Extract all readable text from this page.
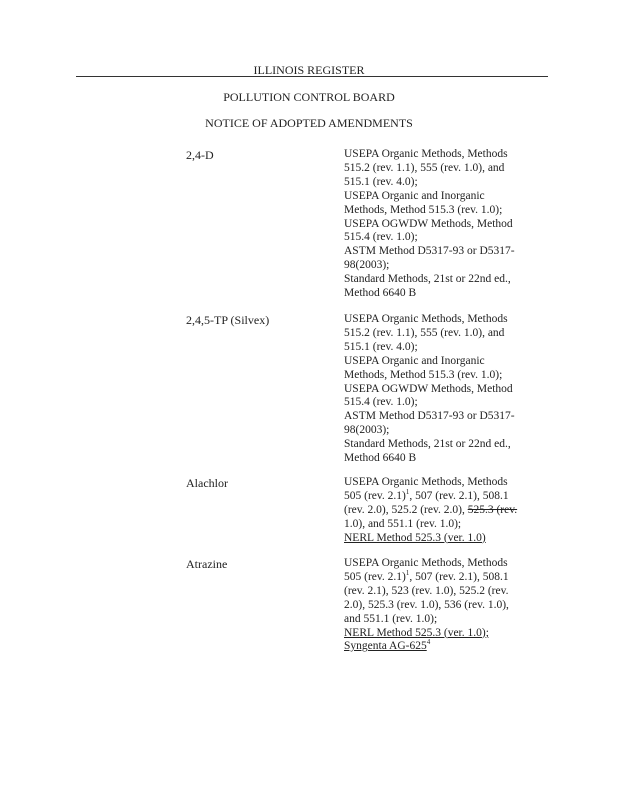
ILLINOIS REGISTER
POLLUTION CONTROL BOARD
NOTICE OF ADOPTED AMENDMENTS
2,4-D	USEPA Organic Methods, Methods
515.2 (rev. 1.1), 555 (rev. 1.0), and
515.1 (rev. 4.0);
USEPA Organic and Inorganic
Methods, Method 515.3 (rev. 1.0);
USEPA OGWDW Methods, Method
515.4 (rev. 1.0);
ASTM Method D5317-93 or D5317-
98(2003);
Standard Methods, 21st or 22nd ed.,
Method 6640 B
2,4,5-TP (Silvex)	USEPA Organic Methods, Methods
515.2 (rev. 1.1), 555 (rev. 1.0), and
515.1 (rev. 4.0);
USEPA Organic and Inorganic
Methods, Method 515.3 (rev. 1.0);
USEPA OGWDW Methods, Method
515.4 (rev. 1.0);
ASTM Method D5317-93 or D5317-
98(2003);
Standard Methods, 21st or 22nd ed.,
Method 6640 B
Alachlor	USEPA Organic Methods, Methods
505 (rev. 2.1)$^1$, 507 (rev. 2.1), 508.1
(rev. 2.0), 525.2 (rev. 2.0), 525.3 (rev.
1.0), and 551.1 (rev. 1.0);
NERL Method 525.3 (ver. 1.0)
Atrazine	USEPA Organic Methods, Methods
505 (rev. 2.1)$^1$, 507 (rev. 2.1), 508.1
(rev. 2.1), 523 (rev. 1.0), 525.2 (rev.
2.0), 525.3 (rev. 1.0), 536 (rev. 1.0),
and 551.1 (rev. 1.0);
NERL Method 525.3 (ver. 1.0);
Syngenta $AG-625^4$
